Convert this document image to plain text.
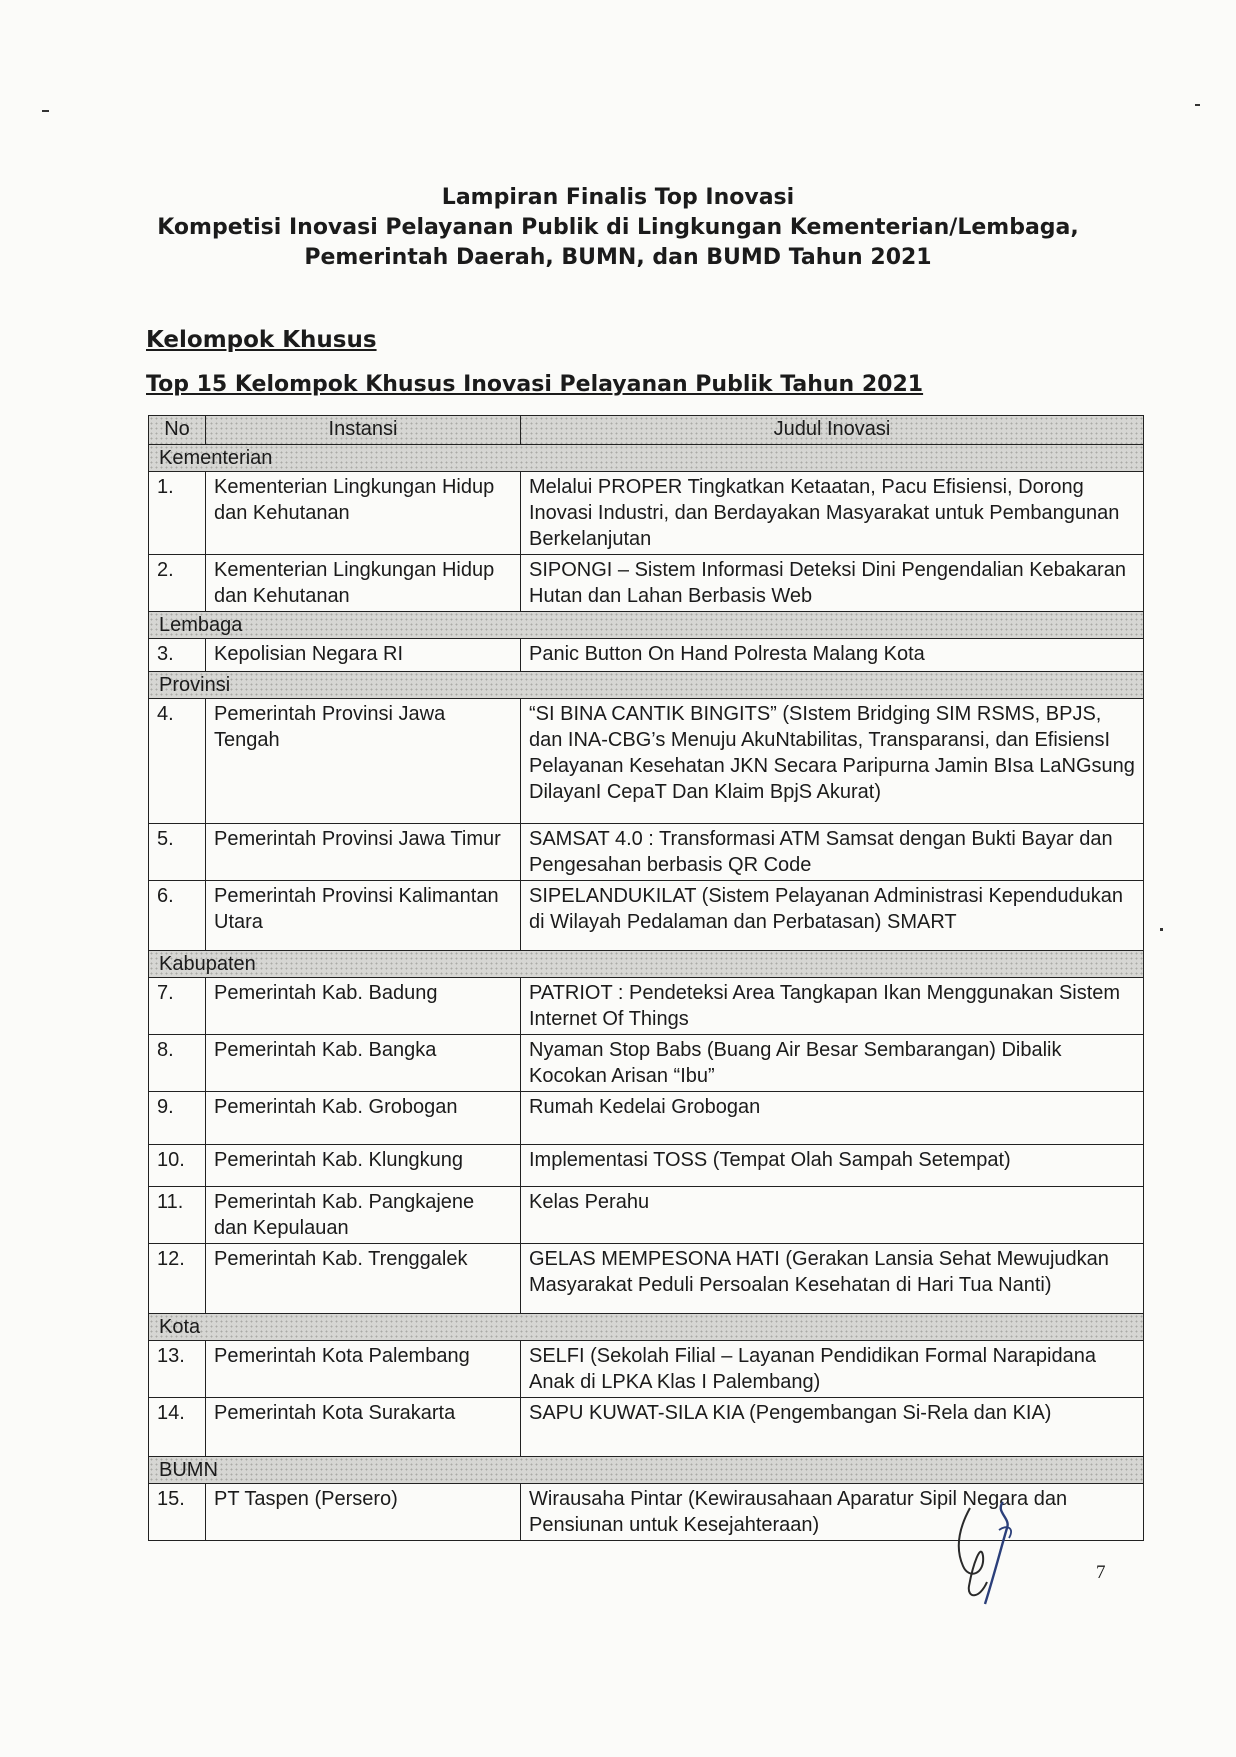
Lampiran Finalis Top Inovasi
Kompetisi Inovasi Pelayanan Publik di Lingkungan Kementerian/Lembaga,
Pemerintah Daerah, BUMN, dan BUMD Tahun 2021
Kelompok Khusus
Top 15 Kelompok Khusus Inovasi Pelayanan Publik Tahun 2021
No	Instansi	Judul Inovasi
Kementerian		
1.	Kementerian Lingkungan Hidup dan Kehutanan	Melalui PROPER Tingkatkan Ketaatan, Pacu Efisiensi, Dorong Inovasi Industri, dan Berdayakan Masyarakat untuk Pembangunan Berkelanjutan
2.	Kementerian Lingkungan Hidup dan Kehutanan	SIPONGI – Sistem Informasi Deteksi Dini Pengendalian Kebakaran Hutan dan Lahan Berbasis Web
Lembaga		
3.	Kepolisian Negara RI	Panic Button On Hand Polresta Malang Kota
Provinsi		
4.	Pemerintah Provinsi Jawa Tengah	“SI BINA CANTIK BINGITS” (SIstem Bridging SIM RSMS, BPJS, dan INA-CBG’s Menuju AkuNtabilitas, Transparansi, dan EfisiensI Pelayanan Kesehatan JKN Secara Paripurna Jamin BIsa LaNGsung DilayanI CepaT Dan Klaim BpjS Akurat)
5.	Pemerintah Provinsi Jawa Timur	SAMSAT 4.0 : Transformasi ATM Samsat dengan Bukti Bayar dan Pengesahan berbasis QR Code
6.	Pemerintah Provinsi Kalimantan Utara	SIPELANDUKILAT (Sistem Pelayanan Administrasi Kependudukan di Wilayah Pedalaman dan Perbatasan) SMART
Kabupaten		
7.	Pemerintah Kab. Badung	PATRIOT : Pendeteksi Area Tangkapan Ikan Menggunakan Sistem Internet Of Things
8.	Pemerintah Kab. Bangka	Nyaman Stop Babs (Buang Air Besar Sembarangan) Dibalik Kocokan Arisan “Ibu”
9.	Pemerintah Kab. Grobogan	Rumah Kedelai Grobogan
10.	Pemerintah Kab. Klungkung	Implementasi TOSS (Tempat Olah Sampah Setempat)
11.	Pemerintah Kab. Pangkajene dan Kepulauan	Kelas Perahu
12.	Pemerintah Kab. Trenggalek	GELAS MEMPESONA HATI (Gerakan Lansia Sehat Mewujudkan Masyarakat Peduli Persoalan Kesehatan di Hari Tua Nanti)
Kota		
13.	Pemerintah Kota Palembang	SELFI (Sekolah Filial – Layanan Pendidikan Formal Narapidana Anak di LPKA Klas I Palembang)
14.	Pemerintah Kota Surakarta	SAPU KUWAT-SILA KIA (Pengembangan Si-Rela dan KIA)
BUMN		
15.	PT Taspen (Persero)	Wirausaha Pintar (Kewirausahaan Aparatur Sipil Negara dan Pensiunan untuk Kesejahteraan)
7
